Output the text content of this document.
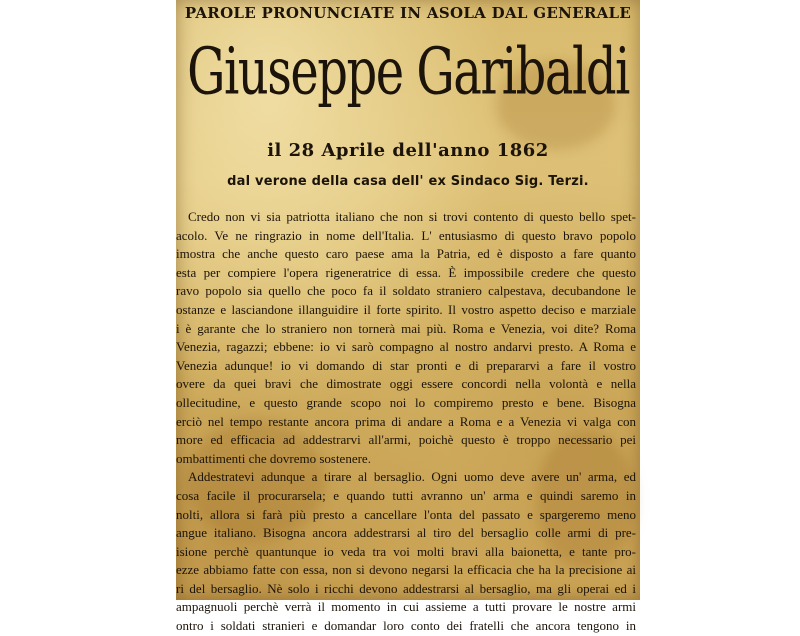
PAROLE PRONUNCIATE IN ASOLA DAL GENERALE
Giuseppe Garibaldi
il 28 Aprile dell'anno 1862
dal verone della casa dell' ex Sindaco Sig. Terzi.
Credo non vi sia patriotta italiano che non si trovi contento di questo bello spet-
acolo. Ve ne ringrazio in nome dell'Italia. L' entusiasmo di questo bravo popolo
imostra che anche questo caro paese ama la Patria, ed è disposto a fare quanto
esta per compiere l'opera rigeneratrice di essa. È impossibile credere che questo
ravo popolo sia quello che poco fa il soldato straniero calpestava, decubandone le
ostanze e lasciandone illanguidire il forte spirito. Il vostro aspetto deciso e marziale
i è garante che lo straniero non tornerà mai più. Roma e Venezia, voi dite? Roma
Venezia, ragazzi; ebbene: io vi sarò compagno al nostro andarvi presto. A Roma e
Venezia adunque! io vi domando di star pronti e di prepararvi a fare il vostro
overe da quei bravi che dimostrate oggi essere concordi nella volontà e nella
ollecitudine, e questo grande scopo noi lo compiremo presto e bene. Bisogna
erciò nel tempo restante ancora prima di andare a Roma e a Venezia vi valga con
more ed efficacia ad addestrarvi all'armi, poichè questo è troppo necessario pei
ombattimenti che dovremo sostenere.
Addestratevi adunque a tirare al bersaglio. Ogni uomo deve avere un' arma, ed
cosa facile il procurarsela; e quando tutti avranno un' arma e quindi saremo in
nolti, allora si farà più presto a cancellare l'onta del passato e spargeremo meno
angue italiano. Bisogna ancora addestrarsi al tiro del bersaglio colle armi di pre-
isione perchè quantunque io veda tra voi molti bravi alla baionetta, e tante pro-
ezze abbiamo fatte con essa, non si devono negarsi la efficacia che ha la precisione ai
ri del bersaglio. Nè solo i ricchi devono addestrarsi al bersaglio, ma gli operai ed i
ampagnuoli perchè verrà il momento in cui assieme a tutti provare le nostre armi
ontro i soldati stranieri e domandar loro conto dei fratelli che ancora tengono in
